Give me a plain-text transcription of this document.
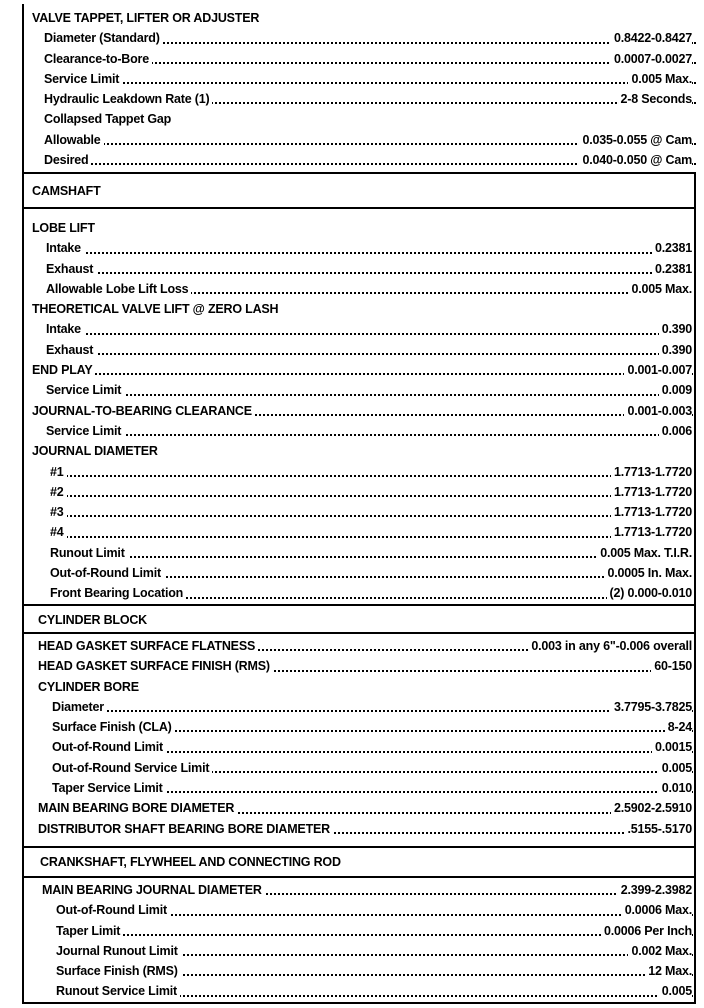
VALVE TAPPET, LIFTER OR ADJUSTER
Diameter (Standard)	0.8422-0.8427
Clearance-to-Bore	0.0007-0.0027
Service Limit	0.005 Max.
Hydraulic Leakdown Rate (1)	2-8 Seconds
Collapsed Tappet Gap
Allowable	0.035-0.055 @ Cam
Desired	0.040-0.050 @ Cam
CAMSHAFT
LOBE LIFT
Intake	0.2381
Exhaust	0.2381
Allowable Lobe Lift Loss	0.005 Max.
THEORETICAL VALVE LIFT @ ZERO LASH
Intake	0.390
Exhaust	0.390
END PLAY	0.001-0.007
Service Limit	0.009
JOURNAL-TO-BEARING CLEARANCE	0.001-0.003
Service Limit	0.006
JOURNAL DIAMETER
#1	1.7713-1.7720
#2	1.7713-1.7720
#3	1.7713-1.7720
#4	1.7713-1.7720
Runout Limit	0.005 Max. T.I.R.
Out-of-Round Limit	0.0005 In. Max.
Front Bearing Location	(2) 0.000-0.010
CYLINDER BLOCK
HEAD GASKET SURFACE FLATNESS	0.003 in any 6"-0.006 overall
HEAD GASKET SURFACE FINISH (RMS)	60-150
CYLINDER BORE
Diameter	3.7795-3.7825
Surface Finish (CLA)	8-24
Out-of-Round Limit	0.0015
Out-of-Round Service Limit	0.005
Taper Service Limit	0.010
MAIN BEARING BORE DIAMETER	2.5902-2.5910
DISTRIBUTOR SHAFT BEARING BORE DIAMETER	.5155-.5170
CRANKSHAFT, FLYWHEEL AND CONNECTING ROD
MAIN BEARING JOURNAL DIAMETER	2.399-2.3982
Out-of-Round Limit	0.0006 Max.
Taper Limit	0.0006 Per Inch
Journal Runout Limit	0.002 Max.
Surface Finish (RMS)	12 Max.
Runout Service Limit	0.005
